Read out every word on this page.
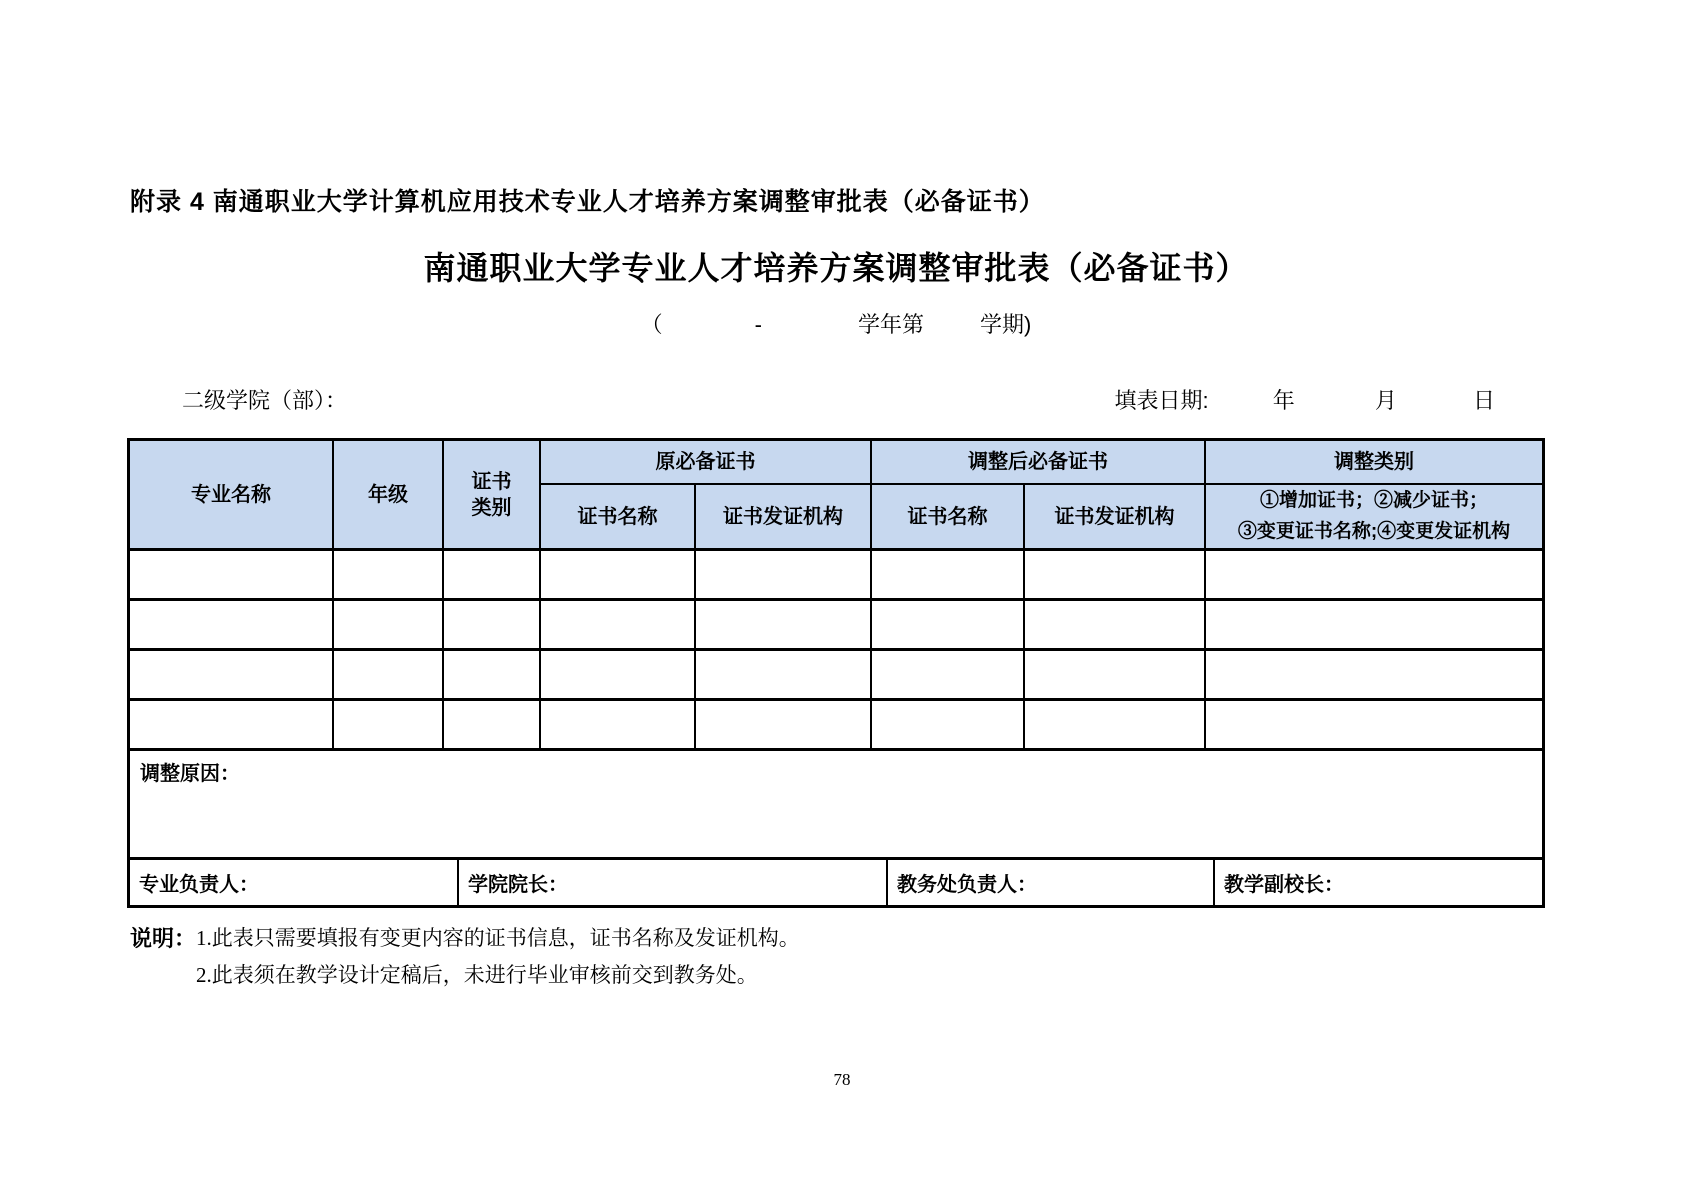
附录 4 南通职业大学计算机应用技术专业人才培养方案调整审批表（必备证书）
南通职业大学专业人才培养方案调整审批表（必备证书）
（	-	学年第	学期)
二级学院（部）：	填表日期:	年	月	日
专业名称	年级
证书
类别
原必备证书	调整后必备证书	调整类别
证书名称	证书发证机构	证书名称	证书发证机构
①增加证书；②减少证书；
③变更证书名称;④变更发证机构
调整原因：
专业负责人：	学院院长：	教务处负责人：	教学副校长：
说明： 1.此表只需要填报有变更内容的证书信息，证书名称及发证机构。
2.此表须在教学设计定稿后，未进行毕业审核前交到教务处。
78
